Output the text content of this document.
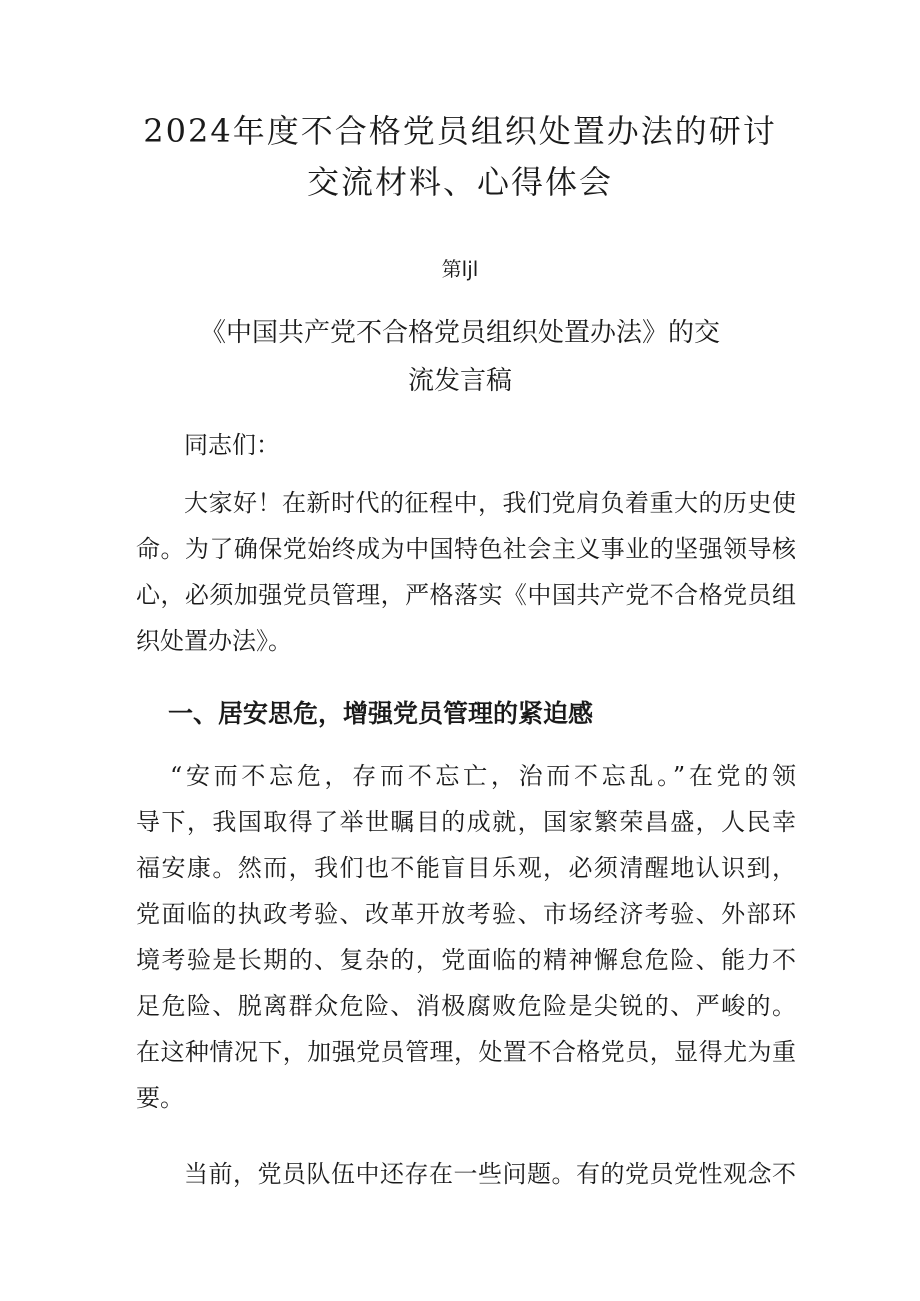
2024年度不合格党员组织处置办法的研讨
交流材料、心得体会
第lјl
《中国共产党不合格党员组织处置办法》的交
流发言稿

同志们：

大家好！在新时代的征程中，我们党肩负着重大的历史使

命。为了确保党始终成为中国特色社会主义事业的坚强领导核

心，必须加强党员管理，严格落实《中国共产党不合格党员组

织处置办法》。

一、居安思危，增强党员管理的紧迫感

“安而不忘危，存而不忘亡，治而不忘乱。”在党的领

导下，我国取得了举世瞩目的成就，国家繁荣昌盛，人民幸

福安康。然而，我们也不能盲目乐观，必须清醒地认识到，

党面临的执政考验、改革开放考验、市场经济考验、外部环

境考验是长期的、复杂的，党面临的精神懈怠危险、能力不

足危险、脱离群众危险、消极腐败危险是尖锐的、严峻的。

在这种情况下，加强党员管理，处置不合格党员，显得尤为重

要。

当前，党员队伍中还存在一些问题。有的党员党性观念不
